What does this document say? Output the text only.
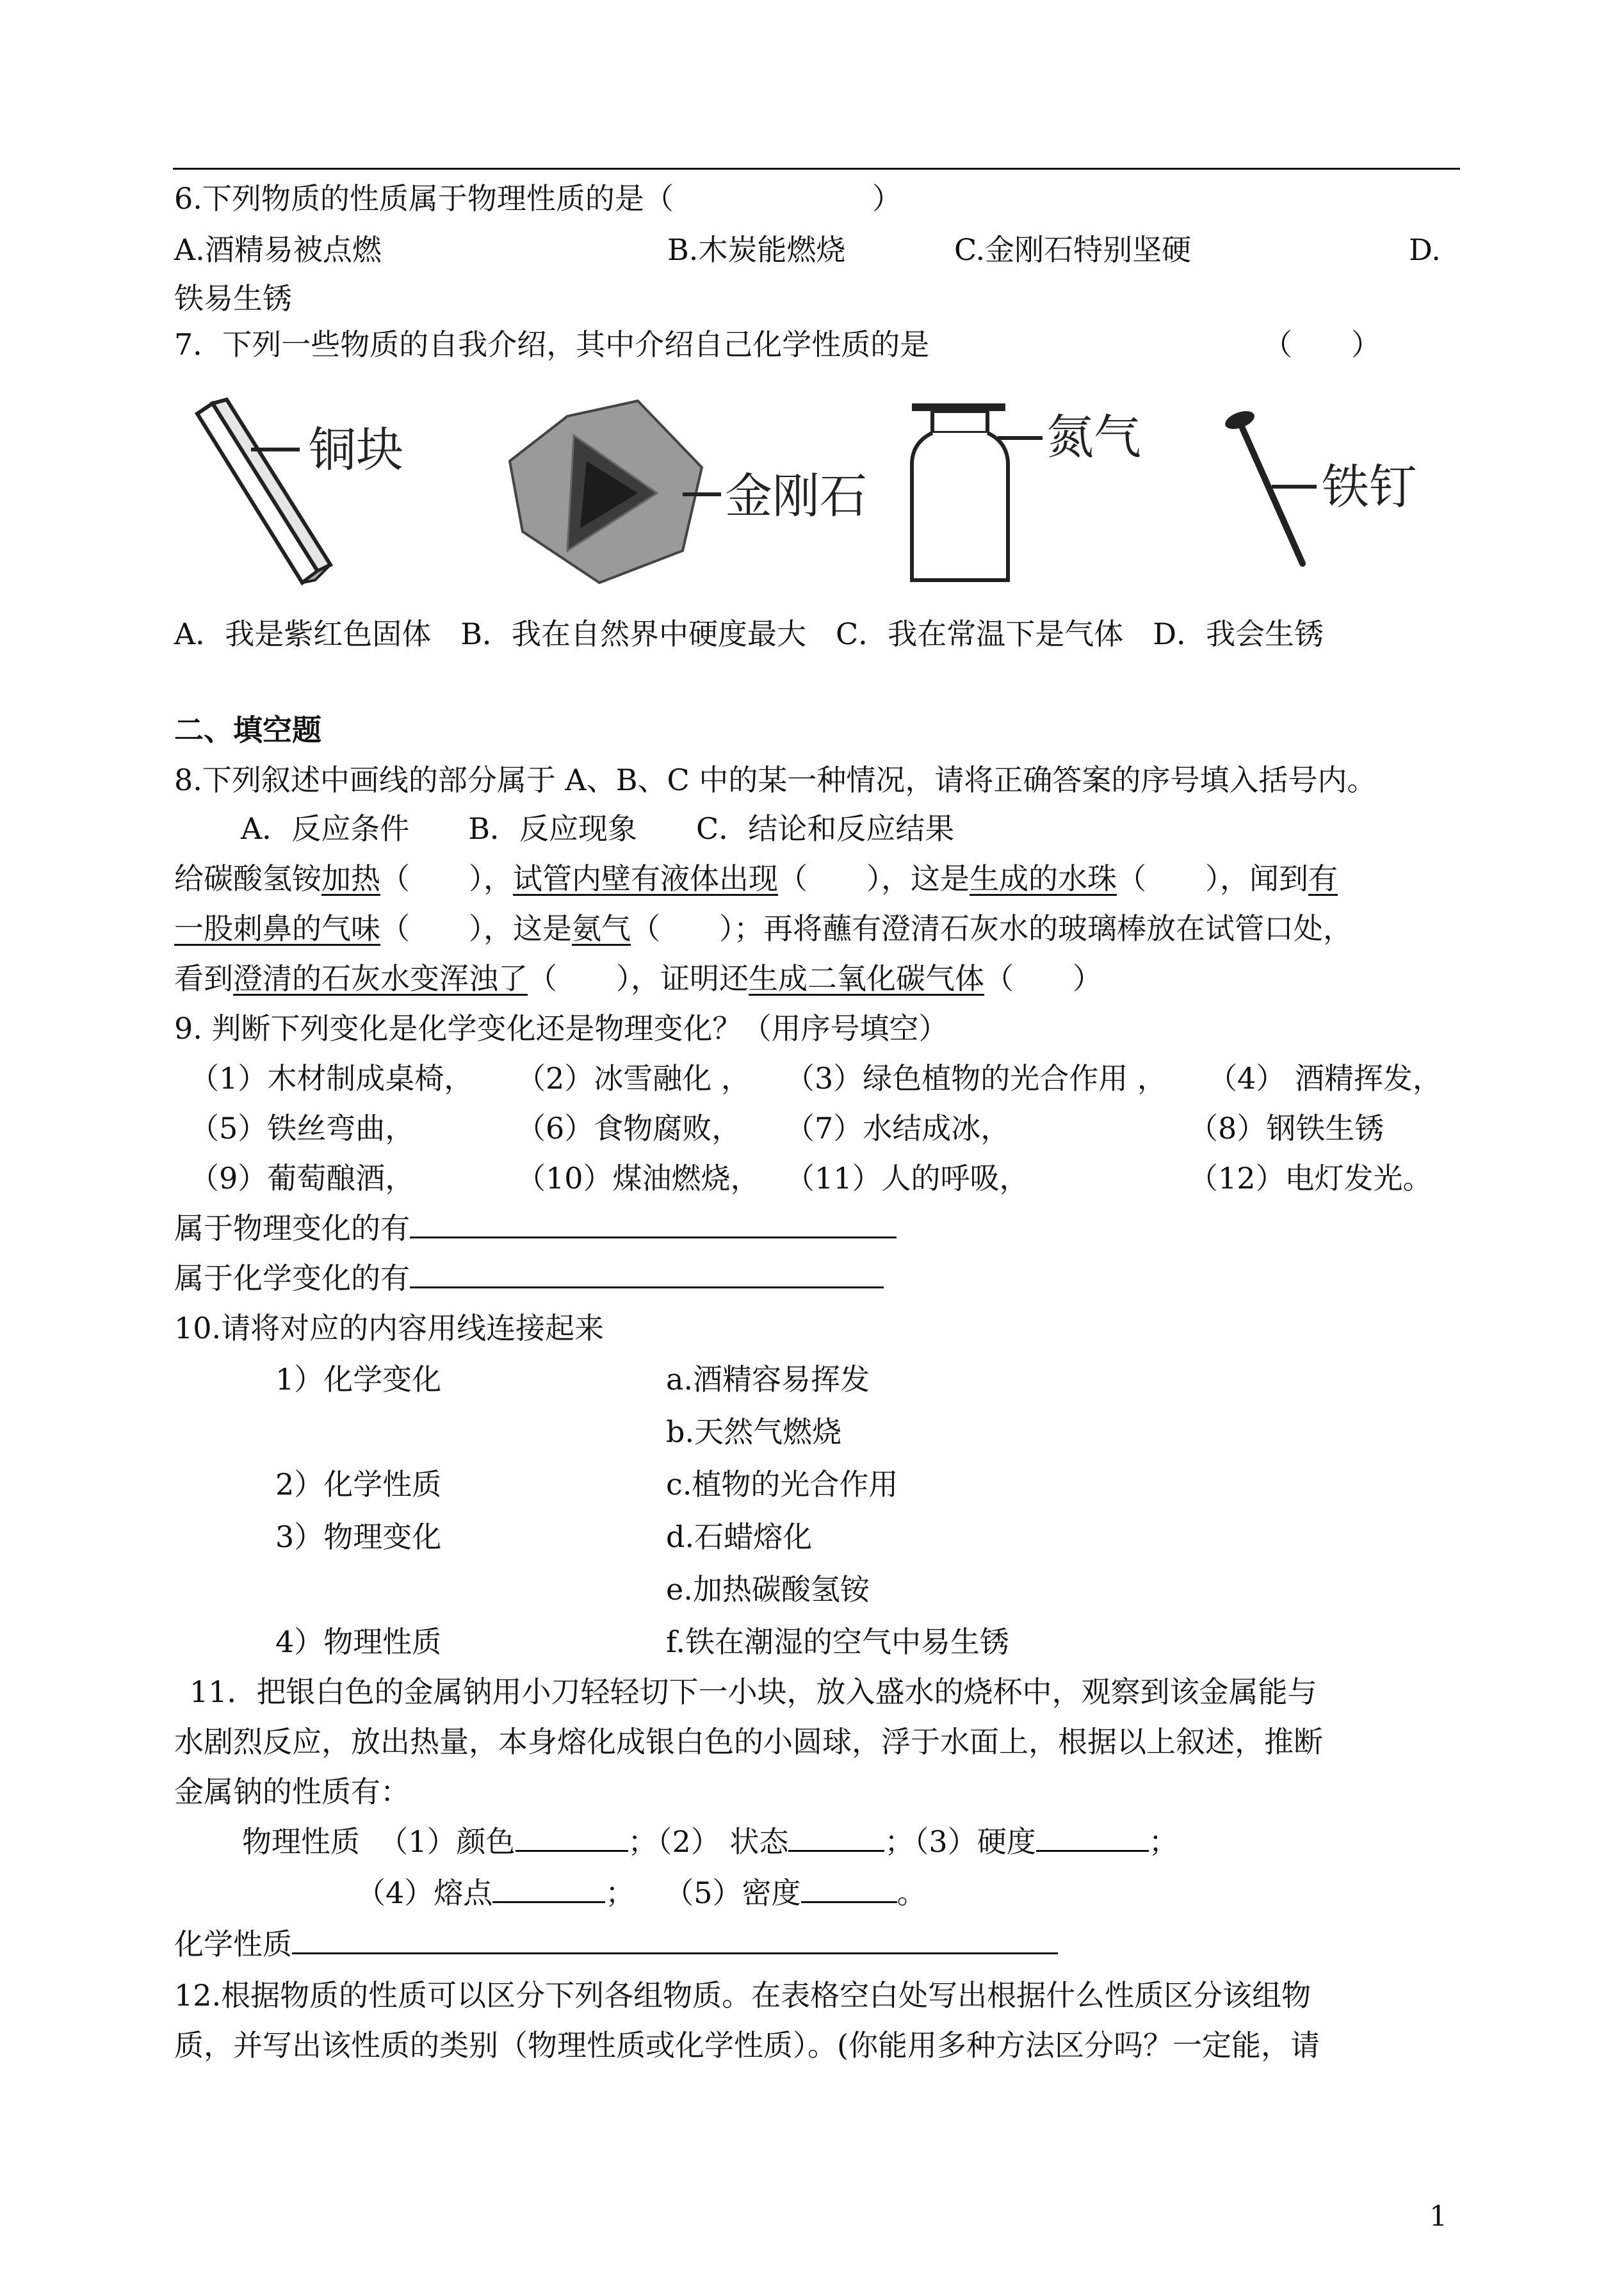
6.下列物质的性质属于物理性质的是（	）
A.酒精易被点燃	B.木炭能燃烧	C.金刚石特别坚硬	D.
铁易生锈
7．下列一些物质的自我介绍，其中介绍自己化学性质的是	（　　）
铜块
金刚石
氮气
铁钉
A．我是紫红色固体　B．我在自然界中硬度最大　C．我在常温下是气体　D．我会生锈
二、填空题
8.下列叙述中画线的部分属于 A、B、C 中的某一种情况，请将正确答案的序号填入括号内。
A．反应条件　　B．反应现象　　C．结论和反应结果
给碳酸氢铵加热（　　），试管内壁有液体出现（　　），这是生成的水珠（　　），闻到有
一股刺鼻的气味（　　），这是氨气（　　）；再将蘸有澄清石灰水的玻璃棒放在试管口处，
看到澄清的石灰水变浑浊了（　　），证明还生成二氧化碳气体（　　）
9. 判断下列变化是化学变化还是物理变化？（用序号填空）
（1）木材制成桌椅， （2）冰雪融化 ， （3）绿色植物的光合作用 ， （4） 酒精挥发，
（5）铁丝弯曲，	（6）食物腐败， （7）水结成冰，	（8）钢铁生锈
（9）葡萄酿酒，	（10）煤油燃烧， （11）人的呼吸，	（12）电灯发光。
属于物理变化的有
属于化学变化的有
10.请将对应的内容用线连接起来
1）化学变化	a.酒精容易挥发
b.天然气燃烧
2）化学性质	c.植物的光合作用
3）物理变化	d.石蜡熔化
e.加热碳酸氢铵
4）物理性质	f.铁在潮湿的空气中易生锈
11．把银白色的金属钠用小刀轻轻切下一小块，放入盛水的烧杯中，观察到该金属能与
水剧烈反应，放出热量，本身熔化成银白色的小圆球，浮于水面上，根据以上叙述，推断
金属钠的性质有：
物理性质 （1）颜色	；（2） 状态	；（3）硬度	；
（4）熔点	；　　（5）密度	。
化学性质
12.根据物质的性质可以区分下列各组物质。在表格空白处写出根据什么性质区分该组物
质，并写出该性质的类别（物理性质或化学性质）。(你能用多种方法区分吗？一定能，请
1
